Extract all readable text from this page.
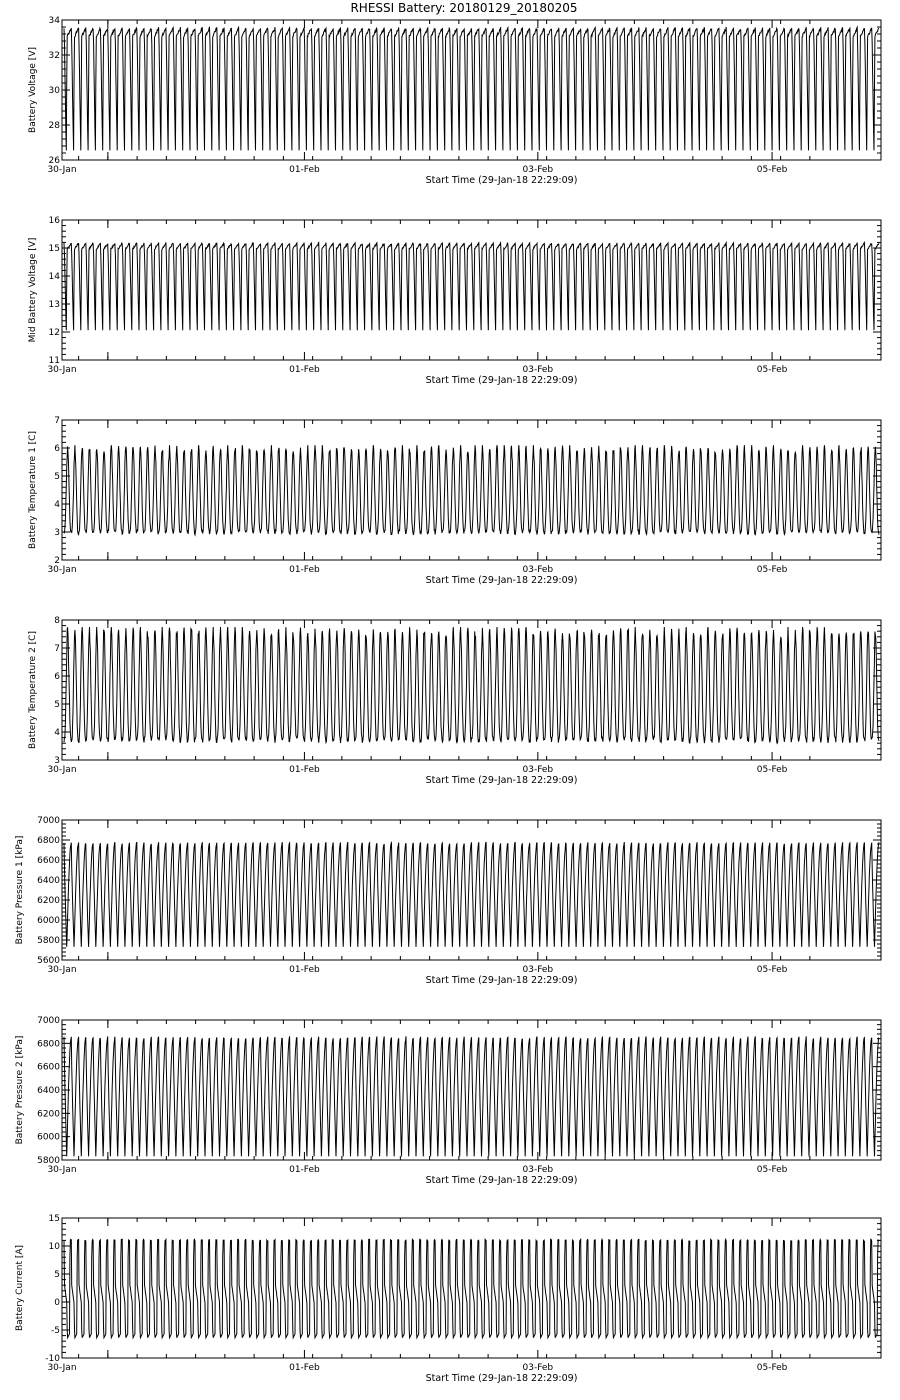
RHESSI Battery: 20180129_20180205
26
28
30
32
34
30-Jan	01-Feb	03-Feb	05-Feb
Start Time (29-Jan-18 22:29:09)
Battery Voltage [V]
11
12
13
14
15
16
30-Jan	01-Feb	03-Feb	05-Feb
Start Time (29-Jan-18 22:29:09)
Mid Battery Voltage [V]
2
3
4
5
6
7
30-Jan	01-Feb	03-Feb	05-Feb
Start Time (29-Jan-18 22:29:09)
Battery Temperature 1 [C]
3
4
5
6
7
8
30-Jan	01-Feb	03-Feb	05-Feb
Start Time (29-Jan-18 22:29:09)
Battery Temperature 2 [C]
5600
5800
6000
6200
6400
6600
6800
7000
30-Jan	01-Feb	03-Feb	05-Feb
Start Time (29-Jan-18 22:29:09)
Battery Pressure 1 [kPa]
5800
6000
6200
6400
6600
6800
7000
30-Jan	01-Feb	03-Feb	05-Feb
Start Time (29-Jan-18 22:29:09)
Battery Pressure 2 [kPa]
-10
-5
0
5
10
15
30-Jan	01-Feb	03-Feb	05-Feb
Start Time (29-Jan-18 22:29:09)
Battery Current [A]
